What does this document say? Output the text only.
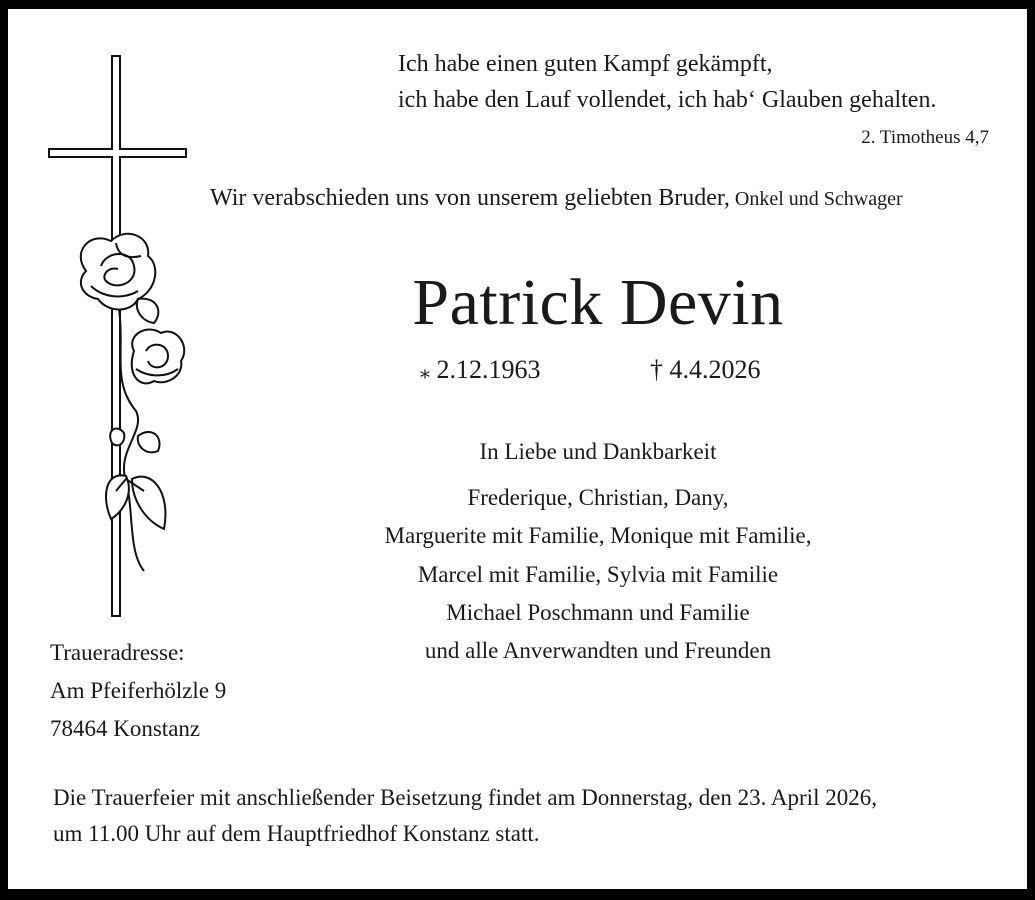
Ich habe einen guten Kampf gekämpft,
ich habe den Lauf vollendet, ich hab‘ Glauben gehalten.
2. Timotheus 4,7
Wir verabschieden uns von unserem geliebten Bruder, Onkel und Schwager
Patrick Devin
⁎ 2.12.1963	† 4.4.2026
In Liebe und Dankbarkeit
Frederique, Christian, Dany,
Marguerite mit Familie, Monique mit Familie,
Marcel mit Familie, Sylvia mit Familie
Michael Poschmann und Familie
und alle Anverwandten und Freunden
Traueradresse:
Am Pfeiferhölzle 9
78464 Konstanz
Die Trauerfeier mit anschließender Beisetzung findet am Donnerstag, den 23. April 2026,
um 11.00 Uhr auf dem Hauptfriedhof Konstanz statt.
